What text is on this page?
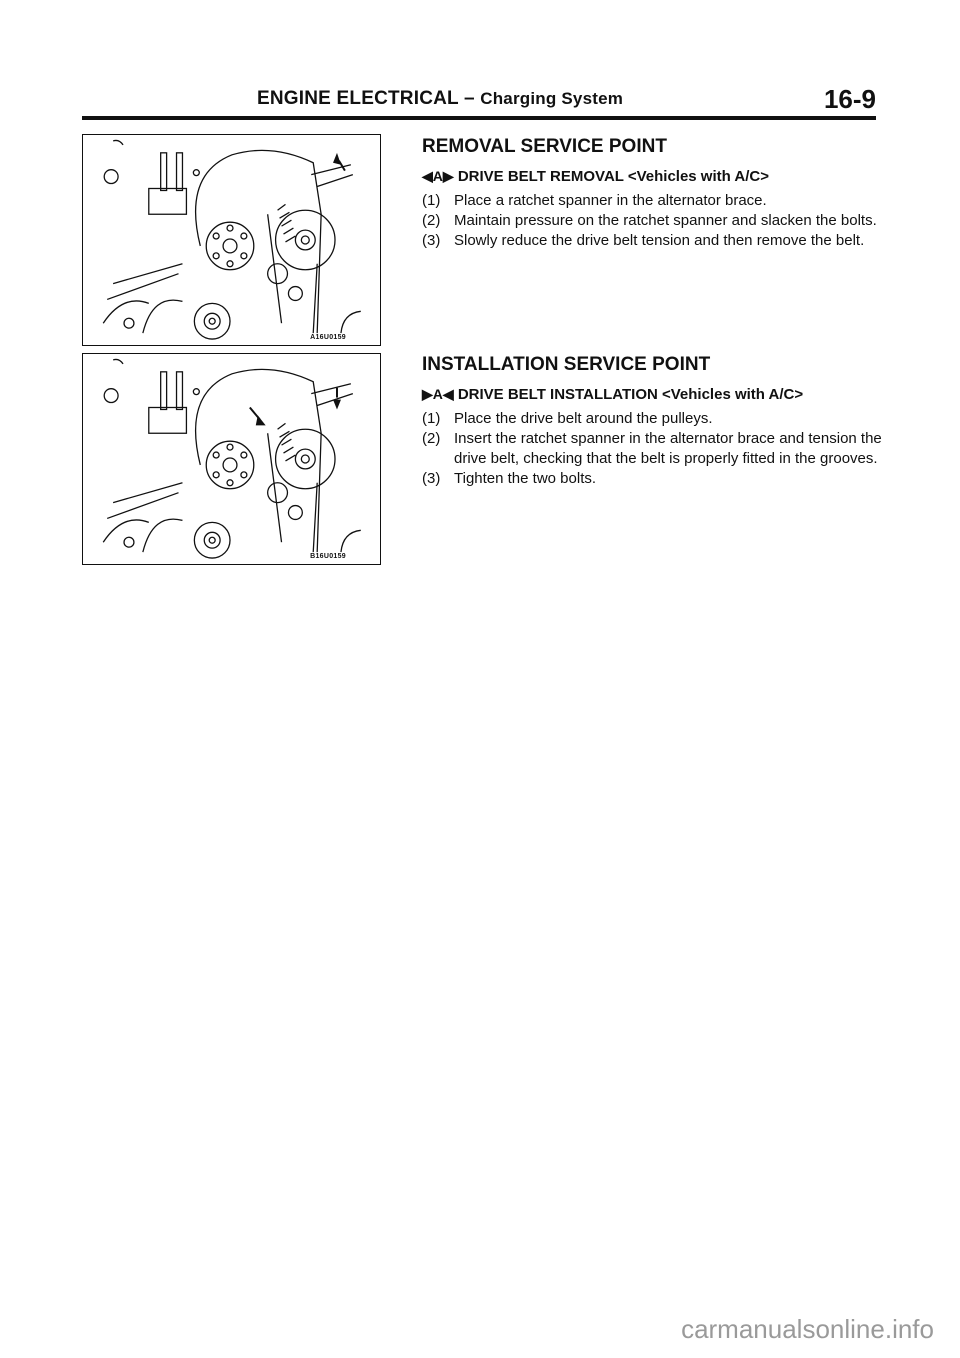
ENGINE ELECTRICAL – Charging System	16-9
A16U0159
B16U0159
REMOVAL SERVICE POINT
◀A▶ DRIVE BELT REMOVAL <Vehicles with A/C>
(1) Place a ratchet spanner in the alternator brace.
(2) Maintain pressure on the ratchet spanner and slacken the bolts.
(3) Slowly reduce the drive belt tension and then remove the belt.
INSTALLATION SERVICE POINT
▶A◀ DRIVE BELT INSTALLATION <Vehicles with A/C>
(1) Place the drive belt around the pulleys.
(2) Insert the ratchet spanner in the alternator brace and tension the drive belt, checking that the belt is properly fitted in the grooves.
(3) Tighten the two bolts.
carmanualsonline.info
